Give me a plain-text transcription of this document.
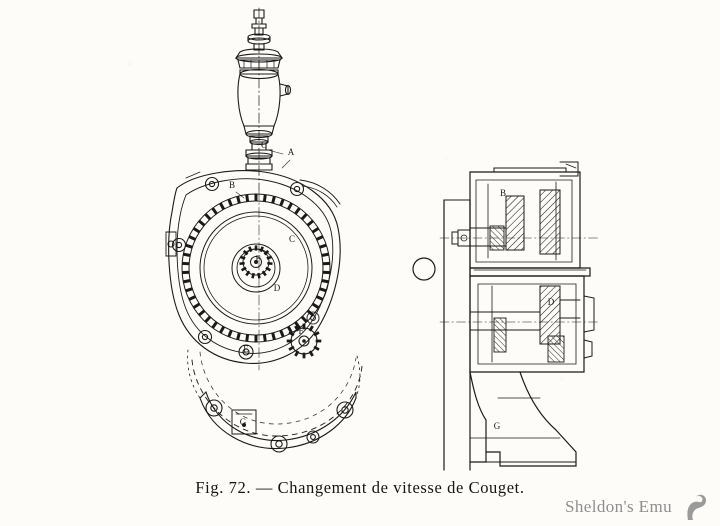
A
B
C
C
F
D
E
F
G
B
D
G
Fig. 72. — Changement de vitesse de Couget.
Sheldon's Emu
